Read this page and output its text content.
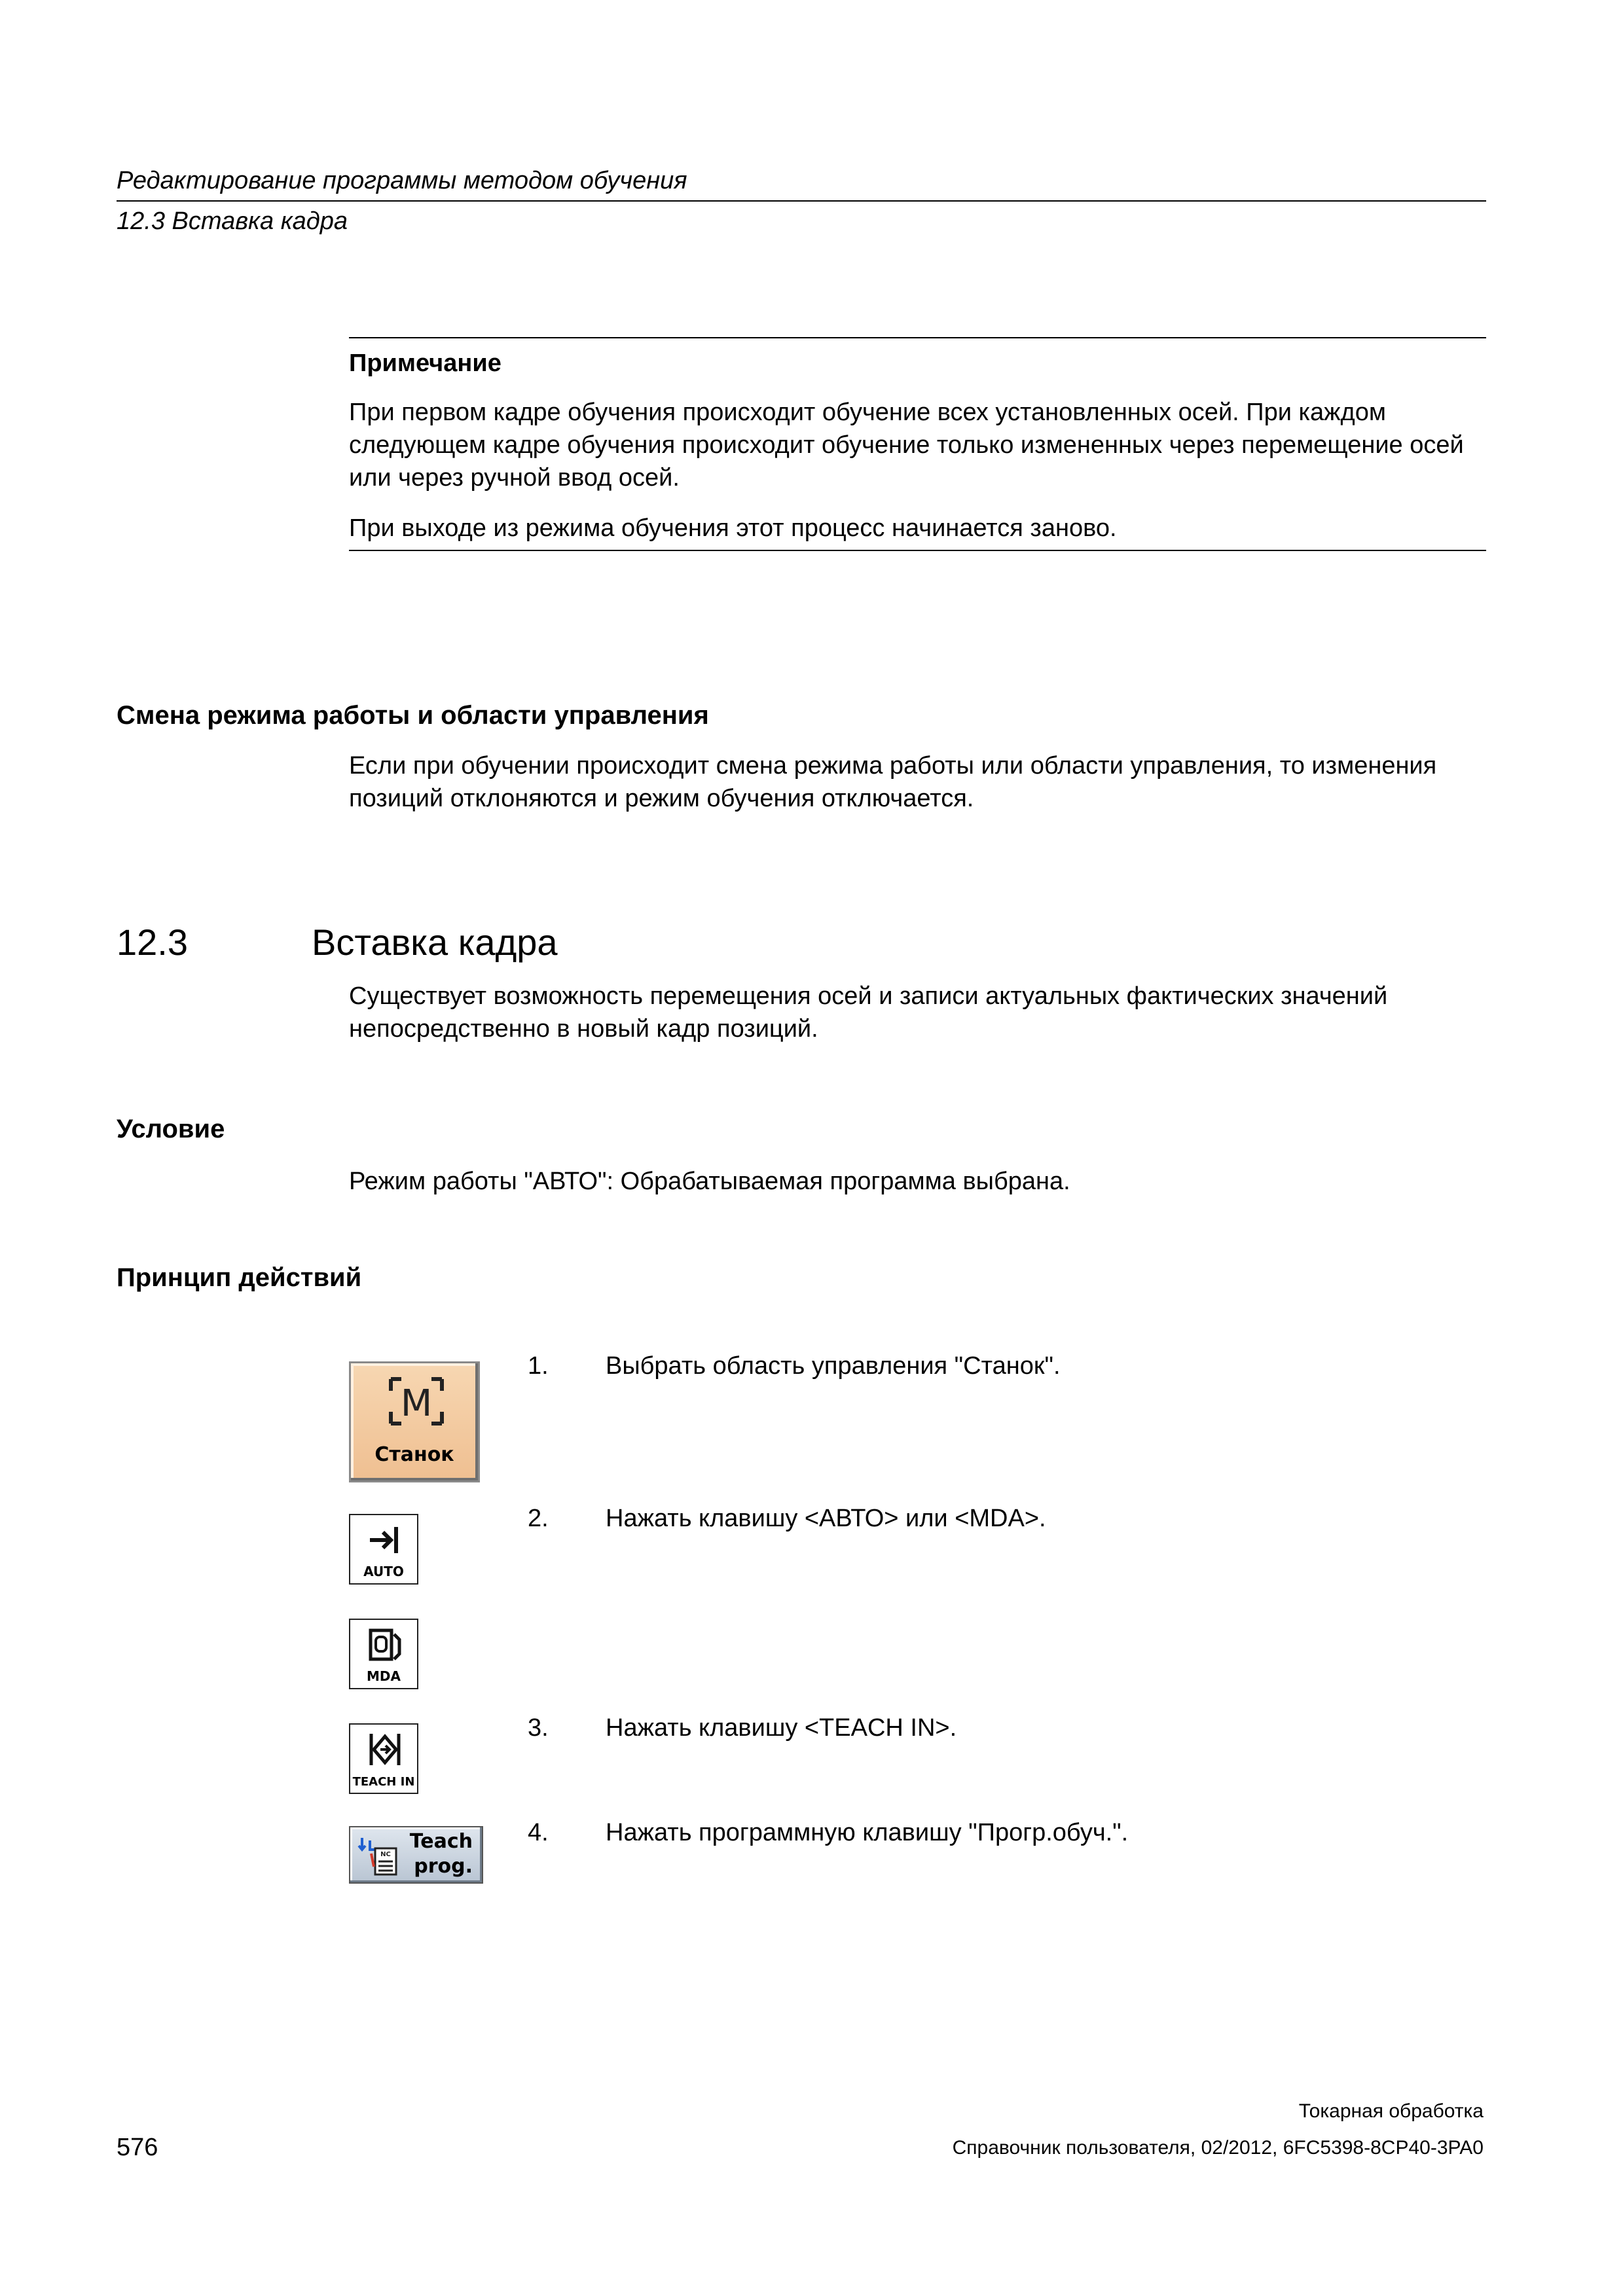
Редактирование программы методом обучения
12.3 Вставка кадра
Примечание
При первом кадре обучения происходит обучение всех установленных осей. При каждом следующем кадре обучения происходит обучение только измененных через перемещение осей или через ручной ввод осей.
При выходе из режима обучения этот процесс начинается заново.
Смена режима работы и области управления
Если при обучении происходит смена режима работы или области управления, то изменения позиций отклоняются и режим обучения отключается.
12.3	Вставка кадра
Существует возможность перемещения осей и записи актуальных фактических значений непосредственно в новый кадр позиций.
Условие
Режим работы "АВТО": Обрабатываемая программа выбрана.
Принцип действий
M
Станок
1. Выбрать область управления "Станок".
AUTO
2. Нажать клавишу <АВТО> или <MDA>.
MDA
TEACH IN
3. Нажать клавишу <TEACH IN>.
NC
Teach
prog.
4. Нажать программную клавишу "Прогр.обуч.".
Токарная обработка
576	Справочник пользователя, 02/2012, 6FC5398-8CP40-3PA0
